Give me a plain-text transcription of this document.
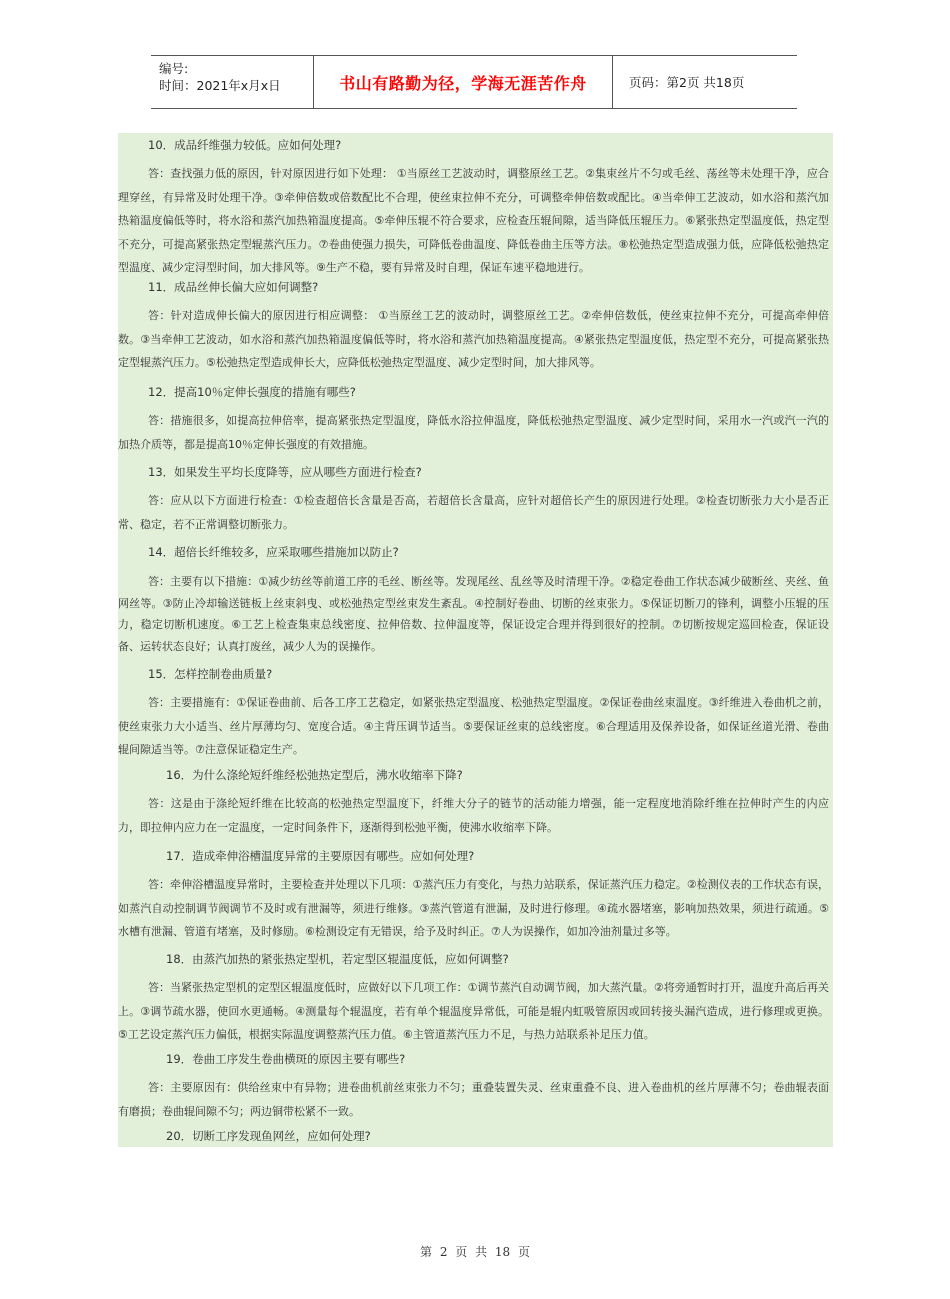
编号:
时间：2021年x月x日	书山有路勤为径，学海无涯苦作舟	页码：第2页 共18页
10．成品纤维强力较低。应如何处理?
答：查找强力低的原因，针对原因进行如下处理： ①当原丝工艺波动时，调整原丝工艺。②集束丝片不匀或毛丝、荡丝等未处理干净，应合理穿丝，有异常及时处理干净。③牵伸倍数或倍数配比不合理，使丝束拉伸不充分，可调整牵伸倍数或配比。④当牵伸工艺波动，如水浴和蒸汽加热箱温度偏低等时，将水浴和蒸汽加热箱温度提高。⑤牵伸压辊不符合要求，应检查压辊间隙，适当降低压辊压力。⑥紧张热定型温度低，热定型不充分，可提高紧张热定型辊蒸汽压力。⑦卷曲使强力损失，可降低卷曲温度、降低卷曲主压等方法。⑧松弛热定型造成强力低，应降低松弛热定型温度、减少定浔型时间，加大排风等。⑨生产不稳，要有异常及时自理，保证车速平稳地进行。
11．成品丝伸长偏大应如何调整?
答：针对造成伸长偏大的原因进行相应调整： ①当原丝工艺的波动时，调整原丝工艺。②牵伸倍数低，使丝束拉伸不充分，可提高牵伸倍数。③当牵伸工艺波动，如水浴和蒸汽加热箱温度偏低等时，将水浴和蒸汽加热箱温度提高。④紧张热定型温度低，热定型不充分，可提高紧张热定型辊蒸汽压力。⑤松弛热定型造成伸长大，应降低松弛热定型温度、减少定型时间，加大排风等。
12．提高10％定伸长强度的措施有哪些?
答：措施很多，如提高拉伸倍率，提高紧张热定型温度，降低水浴拉伸温度，降低松弛热定型温度、减少定型时间，采用水一汽或汽一汽的加热介质等，都是提高10％定伸长强度的有效措施。
13．如果发生平均长度降等，应从哪些方面进行检查?
答：应从以下方面进行检查：①检查超倍长含量是否高，若超倍长含量高，应针对超倍长产生的原因进行处理。②检查切断张力大小是否正常、稳定，若不正常调整切断张力。
14．超倍长纤维较多，应采取哪些措施加以防止?
答：主要有以下措施：①减少纺丝等前道工序的毛丝、断丝等。发现尾丝、乱丝等及时清理干净。②稳定卷曲工作状态减少破断丝、夹丝、鱼网丝等。③防止冷却输送链板上丝束斜曳、或松弛热定型丝束发生紊乱。④控制好卷曲、切断的丝束张力。⑤保证切断刀的锋利，调整小压辊的压力，稳定切断机速度。⑥工艺上检查集束总线密度、拉伸倍数、拉伸温度等，保证设定合理并得到很好的控制。⑦切断按规定巡回检查，保证设备、运转状态良好；认真打废丝，减少人为的误操作。
15．怎样控制卷曲质量?
答：主要措施有：①保证卷曲前、后各工序工艺稳定，如紧张热定型温度、松弛热定型温度。②保证卷曲丝束温度。③纤维进入卷曲机之前，使丝束张力大小适当、丝片厚薄均匀、宽度合适。④主背压调节适当。⑤要保证丝束的总线密度。⑥合理适用及保养设备，如保证丝道光滑、卷曲辊间隙适当等。⑦注意保证稳定生产。
16．为什么涤纶短纤维经松弛热定型后，沸水收缩率下降?
答：这是由于涤纶短纤维在比较高的松弛热定型温度下，纤维大分子的链节的活动能力增强，能一定程度地消除纤维在拉伸时产生的内应力，即拉伸内应力在一定温度，一定时间条件下，逐渐得到松弛平衡，使沸水收缩率下降。
17．造成牵伸浴槽温度异常的主要原因有哪些。应如何处理?
答：牵伸浴槽温度异常时，主要检查并处理以下几项：①蒸汽压力有变化，与热力站联系，保证蒸汽压力稳定。②检测仪表的工作状态有误，如蒸汽自动控制调节阀调节不及时或有泄漏等，须进行维修。③蒸汽管道有泄漏，及时进行修理。④疏水器堵塞，影响加热效果，须进行疏通。⑤水槽有泄漏、管道有堵塞，及时修励。⑥检测设定有无错误，给予及时纠正。⑦人为误操作，如加冷油剂量过多等。
18．由蒸汽加热的紧张热定型机，若定型区辊温度低，应如何调整?
答：当紧张热定型机的定型区辊温度低时，应做好以下几项工作：①调节蒸汽自动调节阀，加大蒸汽量。②将旁通暂时打开，温度升高后再关上。③调节疏水器，使回水更通畅。④测量每个辊温度，若有单个辊温度异常低，可能是辊内虹吸管原因或回转接头漏汽造成，进行修理或更换。⑤工艺设定蒸汽压力偏低，根据实际温度调整蒸汽压力值。⑥主管道蒸汽压力不足，与热力站联系补足压力值。
19．卷曲工序发生卷曲横斑的原因主要有哪些?
答：主要原因有：供给丝束中有异物；进卷曲机前丝束张力不匀；重叠装置失灵、丝束重叠不良、进入卷曲机的丝片厚薄不匀；卷曲辊表面有磨损；卷曲辊间隙不匀；两边铜带松紧不一致。
20．切断工序发现鱼网丝，应如何处理?
第 2 页 共 18 页
